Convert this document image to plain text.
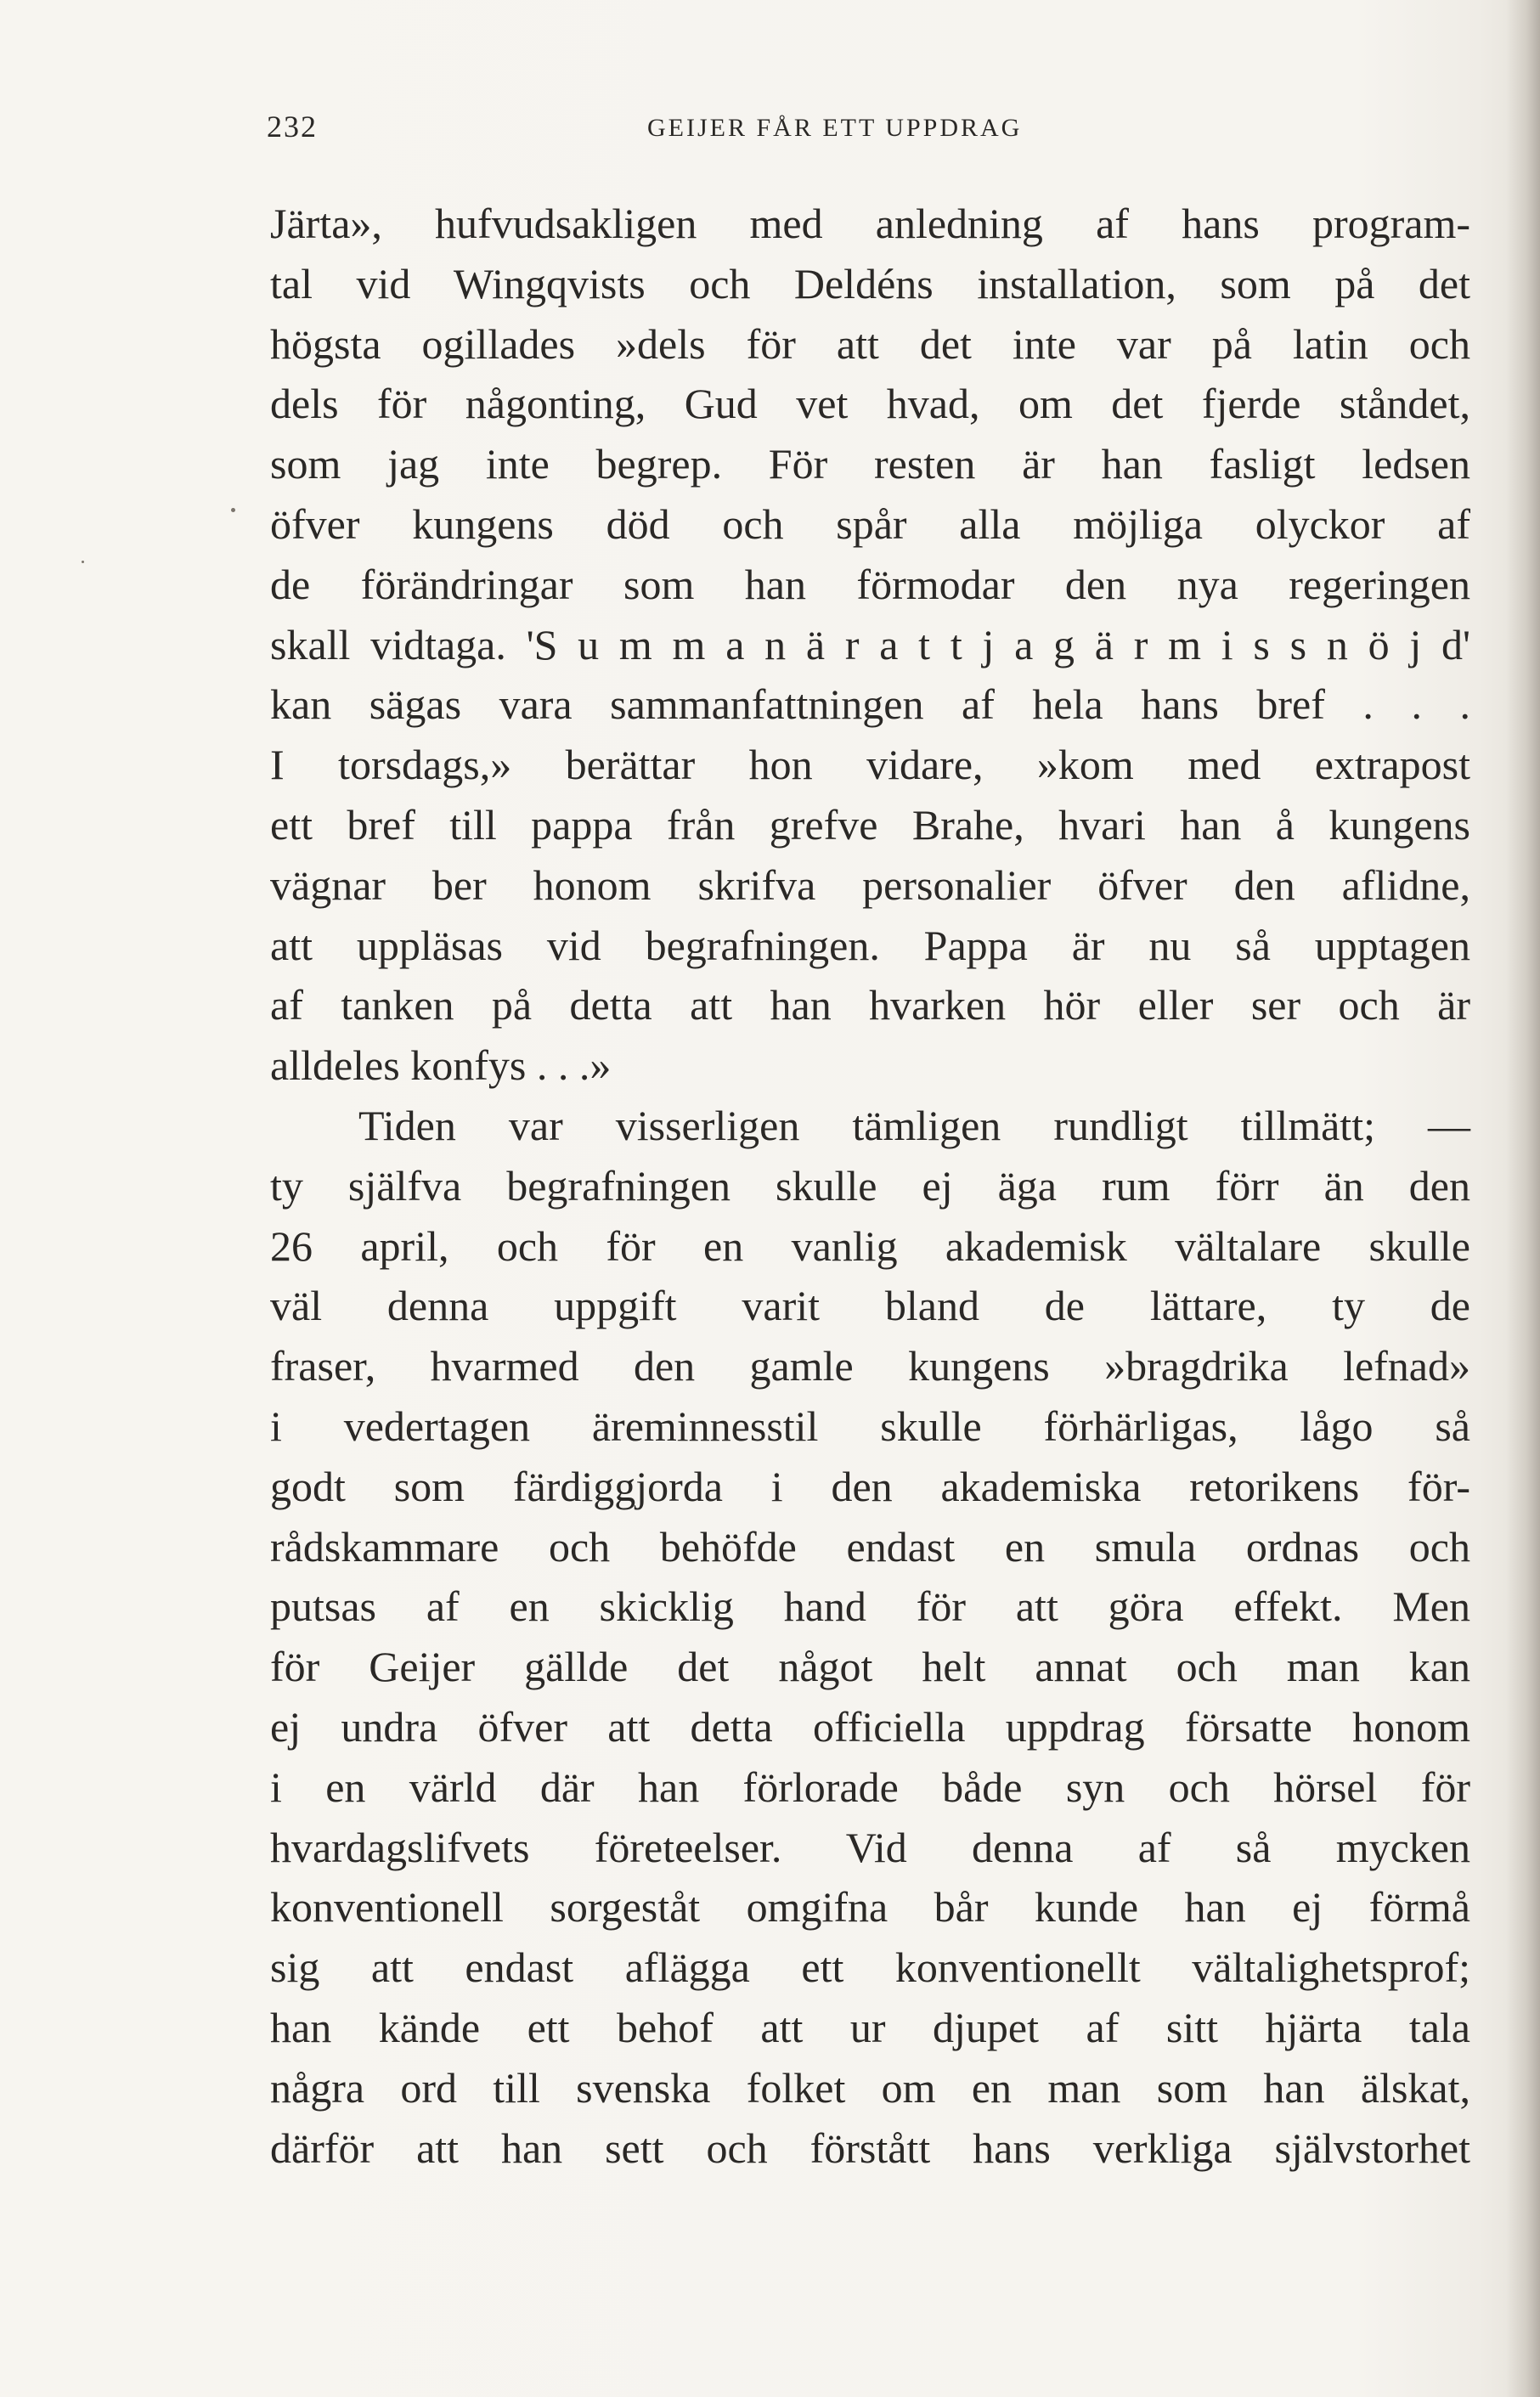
232	GEIJER FÅR ETT UPPDRAG
Järta», hufvudsakligen med anledning af hans program-
tal vid Wingqvists och Deldéns installation, som på det
högsta ogillades »dels för att det inte var på latin och
dels för någonting, Gud vet hvad, om det fjerde ståndet,
som jag inte begrep. För resten är han fasligt ledsen
öfver kungens död och spår alla möjliga olyckor af
de förändringar som han förmodar den nya regeringen
skall vidtaga. 'S u m m a n ä r a t t j a g ä r m i s s n ö j d'
kan sägas vara sammanfattningen af hela hans bref . . .
I torsdags,» berättar hon vidare, »kom med extrapost
ett bref till pappa från grefve Brahe, hvari han å kungens
vägnar ber honom skrifva personalier öfver den aflidne,
att uppläsas vid begrafningen. Pappa är nu så upptagen
af tanken på detta att han hvarken hör eller ser och är
alldeles konfys . . .»
Tiden var visserligen tämligen rundligt tillmätt; —
ty själfva begrafningen skulle ej äga rum förr än den
26 april, och för en vanlig akademisk vältalare skulle
väl denna uppgift varit bland de lättare, ty de
fraser, hvarmed den gamle kungens »bragdrika lefnad»
i vedertagen äreminnesstil skulle förhärligas, lågo så
godt som färdiggjorda i den akademiska retorikens för-
rådskammare och behöfde endast en smula ordnas och
putsas af en skicklig hand för att göra effekt. Men
för Geijer gällde det något helt annat och man kan
ej undra öfver att detta officiella uppdrag försatte honom
i en värld där han förlorade både syn och hörsel för
hvardagslifvets företeelser. Vid denna af så mycken
konventionell sorgeståt omgifna bår kunde han ej förmå
sig att endast aflägga ett konventionellt vältalighetsprof;
han kände ett behof att ur djupet af sitt hjärta tala
några ord till svenska folket om en man som han älskat,
därför att han sett och förstått hans verkliga självstorhet
